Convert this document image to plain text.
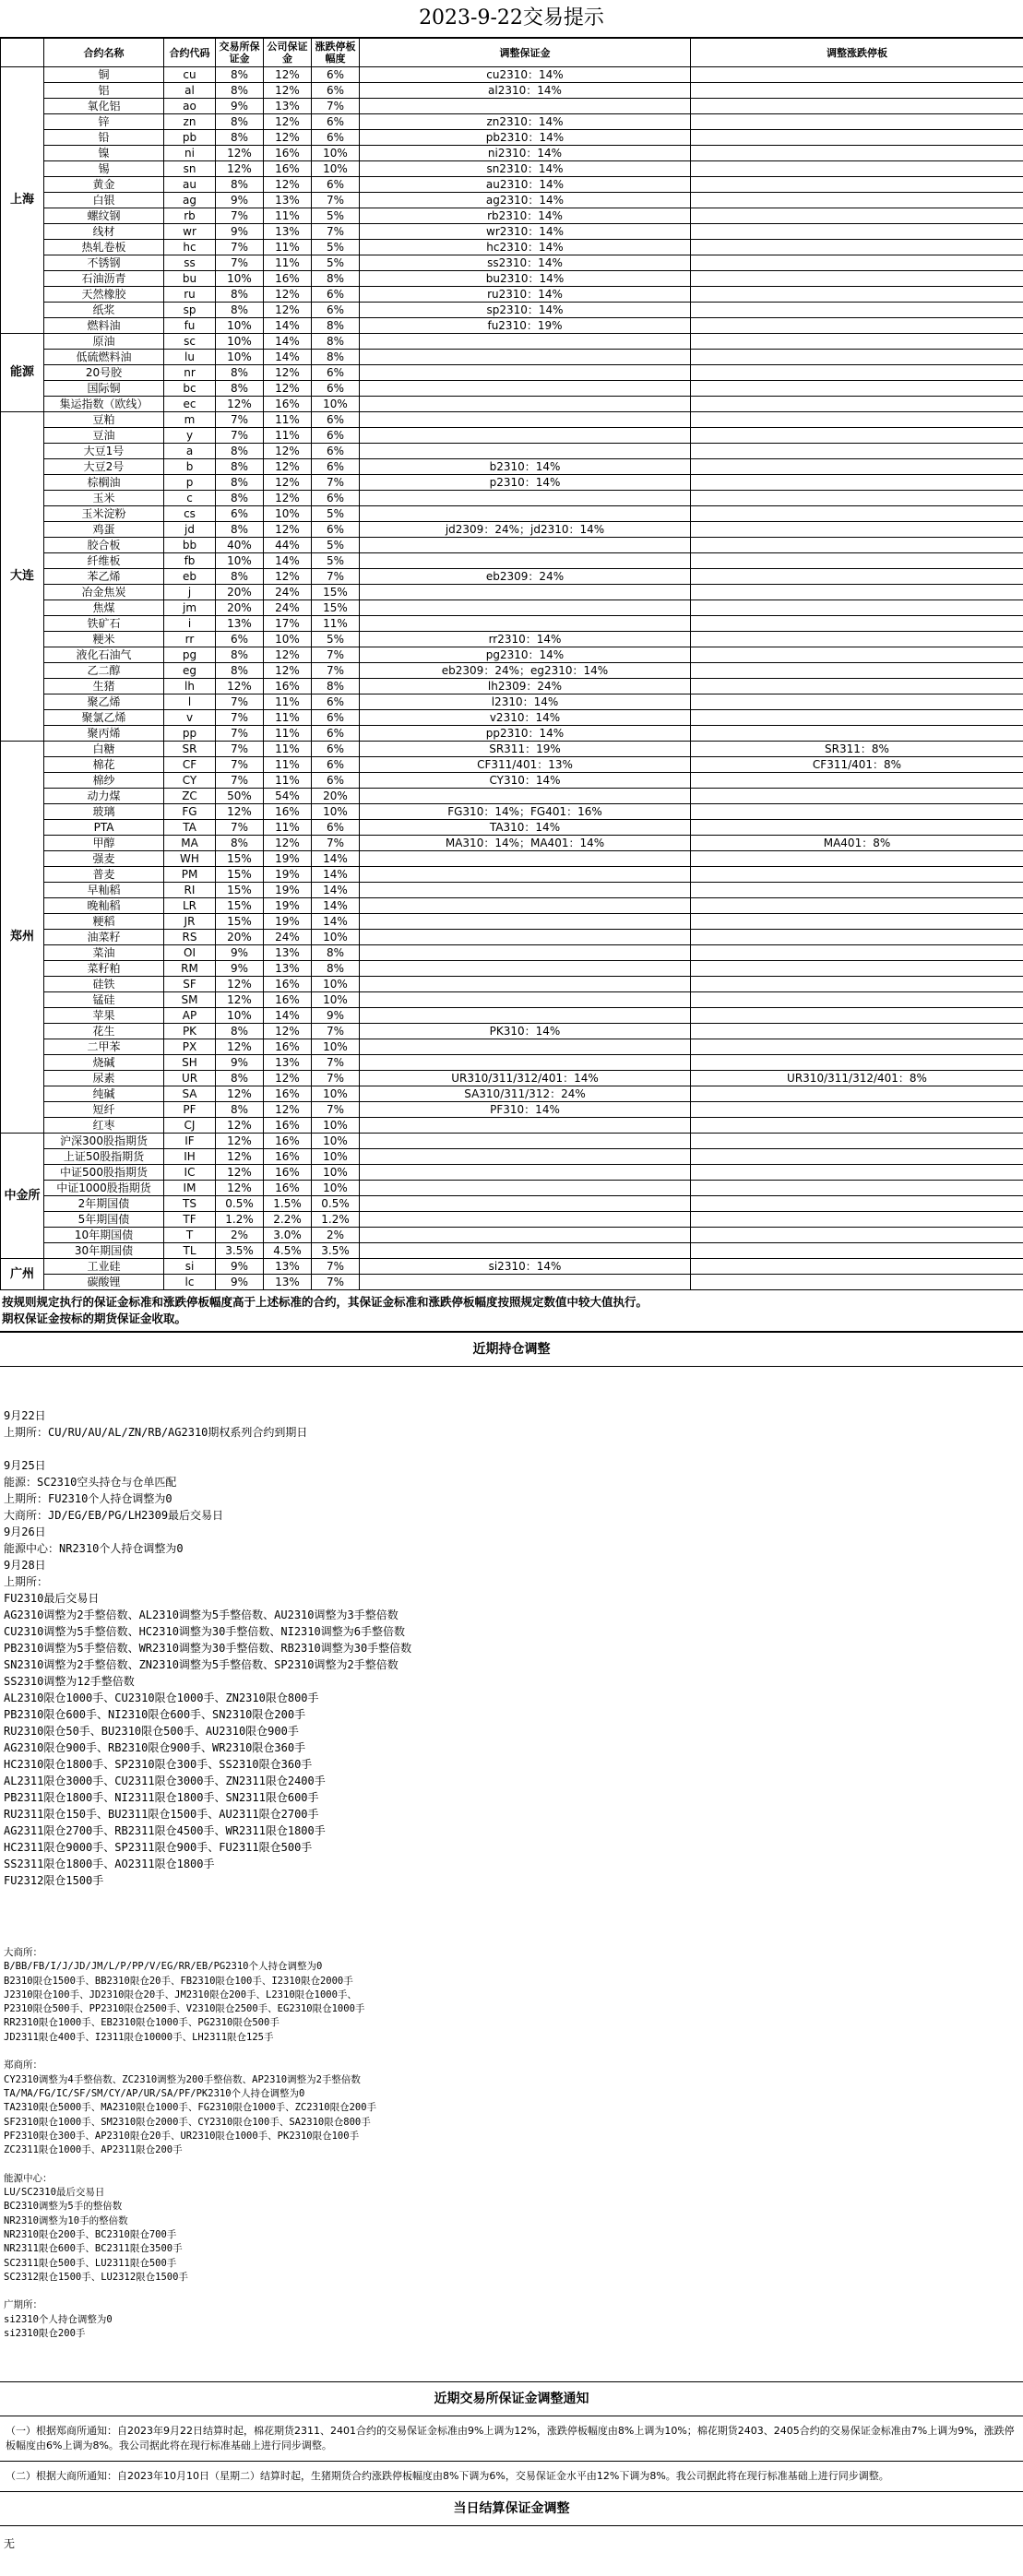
2023-9-22交易提示
	合约名称	合约代码	交易所保证金	公司保证金	涨跌停板幅度	调整保证金	调整涨跌停板
上海	铜	cu	8%	12%	6%	cu2310：14%	
	铝	al	8%	12%	6%	al2310：14%	
	氧化铝	ao	9%	13%	7%		
	锌	zn	8%	12%	6%	zn2310：14%	
	铅	pb	8%	12%	6%	pb2310：14%	
	镍	ni	12%	16%	10%	ni2310：14%	
	锡	sn	12%	16%	10%	sn2310：14%	
	黄金	au	8%	12%	6%	au2310：14%	
	白银	ag	9%	13%	7%	ag2310：14%	
	螺纹钢	rb	7%	11%	5%	rb2310：14%	
	线材	wr	9%	13%	7%	wr2310：14%	
	热轧卷板	hc	7%	11%	5%	hc2310：14%	
	不锈钢	ss	7%	11%	5%	ss2310：14%	
	石油沥青	bu	10%	16%	8%	bu2310：14%	
	天然橡胶	ru	8%	12%	6%	ru2310：14%	
	纸浆	sp	8%	12%	6%	sp2310：14%	
	燃料油	fu	10%	14%	8%	fu2310：19%	
能源	原油	sc	10%	14%	8%		
	低硫燃料油	lu	10%	14%	8%		
	20号胶	nr	8%	12%	6%		
	国际铜	bc	8%	12%	6%		
	集运指数（欧线）	ec	12%	16%	10%		
大连	豆粕	m	7%	11%	6%		
	豆油	y	7%	11%	6%		
	大豆1号	a	8%	12%	6%		
	大豆2号	b	8%	12%	6%	b2310：14%	
	棕榈油	p	8%	12%	7%	p2310：14%	
	玉米	c	8%	12%	6%		
	玉米淀粉	cs	6%	10%	5%		
	鸡蛋	jd	8%	12%	6%	jd2309：24%；jd2310：14%	
	胶合板	bb	40%	44%	5%		
	纤维板	fb	10%	14%	5%		
	苯乙烯	eb	8%	12%	7%	eb2309：24%	
	冶金焦炭	j	20%	24%	15%		
	焦煤	jm	20%	24%	15%		
	铁矿石	i	13%	17%	11%		
	粳米	rr	6%	10%	5%	rr2310：14%	
	液化石油气	pg	8%	12%	7%	pg2310：14%	
	乙二醇	eg	8%	12%	7%	eb2309：24%；eg2310：14%	
	生猪	lh	12%	16%	8%	lh2309：24%	
	聚乙烯	l	7%	11%	6%	l2310：14%	
	聚氯乙烯	v	7%	11%	6%	v2310：14%	
	聚丙烯	pp	7%	11%	6%	pp2310：14%	
郑州	白糖	SR	7%	11%	6%	SR311：19%	SR311：8%
	棉花	CF	7%	11%	6%	CF311/401：13%	CF311/401：8%
	棉纱	CY	7%	11%	6%	CY310：14%	
	动力煤	ZC	50%	54%	20%		
	玻璃	FG	12%	16%	10%	FG310：14%；FG401：16%	
	PTA	TA	7%	11%	6%	TA310：14%	
	甲醇	MA	8%	12%	7%	MA310：14%；MA401：14%	MA401：8%
	强麦	WH	15%	19%	14%		
	普麦	PM	15%	19%	14%		
	早籼稻	RI	15%	19%	14%		
	晚籼稻	LR	15%	19%	14%		
	粳稻	JR	15%	19%	14%		
	油菜籽	RS	20%	24%	10%		
	菜油	OI	9%	13%	8%		
	菜籽粕	RM	9%	13%	8%		
	硅铁	SF	12%	16%	10%		
	锰硅	SM	12%	16%	10%		
	苹果	AP	10%	14%	9%		
	花生	PK	8%	12%	7%	PK310：14%	
	二甲苯	PX	12%	16%	10%		
	烧碱	SH	9%	13%	7%		
	尿素	UR	8%	12%	7%	UR310/311/312/401：14%	UR310/311/312/401：8%
	纯碱	SA	12%	16%	10%	SA310/311/312：24%	
	短纤	PF	8%	12%	7%	PF310：14%	
	红枣	CJ	12%	16%	10%		
中金所	沪深300股指期货	IF	12%	16%	10%		
	上证50股指期货	IH	12%	16%	10%		
	中证500股指期货	IC	12%	16%	10%		
	中证1000股指期货	IM	12%	16%	10%		
	2年期国债	TS	0.5%	1.5%	0.5%		
	5年期国债	TF	1.2%	2.2%	1.2%		
	10年期国债	T	2%	3.0%	2%		
	30年期国债	TL	3.5%	4.5%	3.5%		
广州	工业硅	si	9%	13%	7%	si2310：14%	
	碳酸锂	lc	9%	13%	7%		
按规则规定执行的保证金标准和涨跌停板幅度高于上述标准的合约，其保证金标准和涨跌停板幅度按照规定数值中较大值执行。
期权保证金按标的期货保证金收取。
近期持仓调整

9月22日
上期所：CU/RU/AU/AL/ZN/RB/AG2310期权系列合约到期日

9月25日
能源：SC2310空头持仓与仓单匹配
上期所：FU2310个人持仓调整为0
大商所：JD/EG/EB/PG/LH2309最后交易日
9月26日
能源中心：NR2310个人持仓调整为0
9月28日
上期所：
FU2310最后交易日
AG2310调整为2手整倍数、AL2310调整为5手整倍数、AU2310调整为3手整倍数
CU2310调整为5手整倍数、HC2310调整为30手整倍数、NI2310调整为6手整倍数
PB2310调整为5手整倍数、WR2310调整为30手整倍数、RB2310调整为30手整倍数
SN2310调整为2手整倍数、ZN2310调整为5手整倍数、SP2310调整为2手整倍数
SS2310调整为12手整倍数
AL2310限仓1000手、CU2310限仓1000手、ZN2310限仓800手
PB2310限仓600手、NI2310限仓600手、SN2310限仓200手
RU2310限仓50手、BU2310限仓500手、AU2310限仓900手
AG2310限仓900手、RB2310限仓900手、WR2310限仓360手
HC2310限仓1800手、SP2310限仓300手、SS2310限仓360手
AL2311限仓3000手、CU2311限仓3000手、ZN2311限仓2400手
PB2311限仓1800手、NI2311限仓1800手、SN2311限仓600手
RU2311限仓150手、BU2311限仓1500手、AU2311限仓2700手
AG2311限仓2700手、RB2311限仓4500手、WR2311限仓1800手
HC2311限仓9000手、SP2311限仓900手、FU2311限仓500手
SS2311限仓1800手、AO2311限仓1800手
FU2312限仓1500手

大商所：
B/BB/FB/I/J/JD/JM/L/P/PP/V/EG/RR/EB/PG2310个人持仓调整为0
B2310限仓1500手、BB2310限仓20手、FB2310限仓100手、I2310限仓2000手
J2310限仓100手、JD2310限仓20手、JM2310限仓200手、L2310限仓1000手、
P2310限仓500手、PP2310限仓2500手、V2310限仓2500手、EG2310限仓1000手
RR2310限仓1000手、EB2310限仓1000手、PG2310限仓500手
JD2311限仓400手、I2311限仓10000手、LH2311限仓125手

郑商所：
CY2310调整为4手整倍数、ZC2310调整为200手整倍数、AP2310调整为2手整倍数
TA/MA/FG/IC/SF/SM/CY/AP/UR/SA/PF/PK2310个人持仓调整为0
TA2310限仓5000手、MA2310限仓1000手、FG2310限仓1000手、ZC2310限仓200手
SF2310限仓1000手、SM2310限仓2000手、CY2310限仓100手、SA2310限仓800手
PF2310限仓300手、AP2310限仓20手、UR2310限仓1000手、PK2310限仓100手
ZC2311限仓1000手、AP2311限仓200手

能源中心：
LU/SC2310最后交易日
BC2310调整为5手的整倍数
NR2310调整为10手的整倍数
NR2310限仓200手、BC2310限仓700手
NR2311限仓600手、BC2311限仓3500手
SC2311限仓500手、LU2311限仓500手
SC2312限仓1500手、LU2312限仓1500手

广期所：
si2310个人持仓调整为0
si2310限仓200手

近期交易所保证金调整通知

（一）根据郑商所通知：自2023年9月22日结算时起，棉花期货2311、2401合约的交易保证金标准由9%上调为12%，涨跌停板幅度由8%上调为10%；棉花期货2403、2405合约的交易保证金标准由7%上调为9%，涨跌停板幅度由6%上调为8%。我公司据此将在现行标准基础上进行同步调整。

（二）根据大商所通知：自2023年10月10日（星期二）结算时起，生猪期货合约涨跌停板幅度由8%下调为6%，交易保证金水平由12%下调为8%。我公司据此将在现行标准基础上进行同步调整。

当日结算保证金调整
无
